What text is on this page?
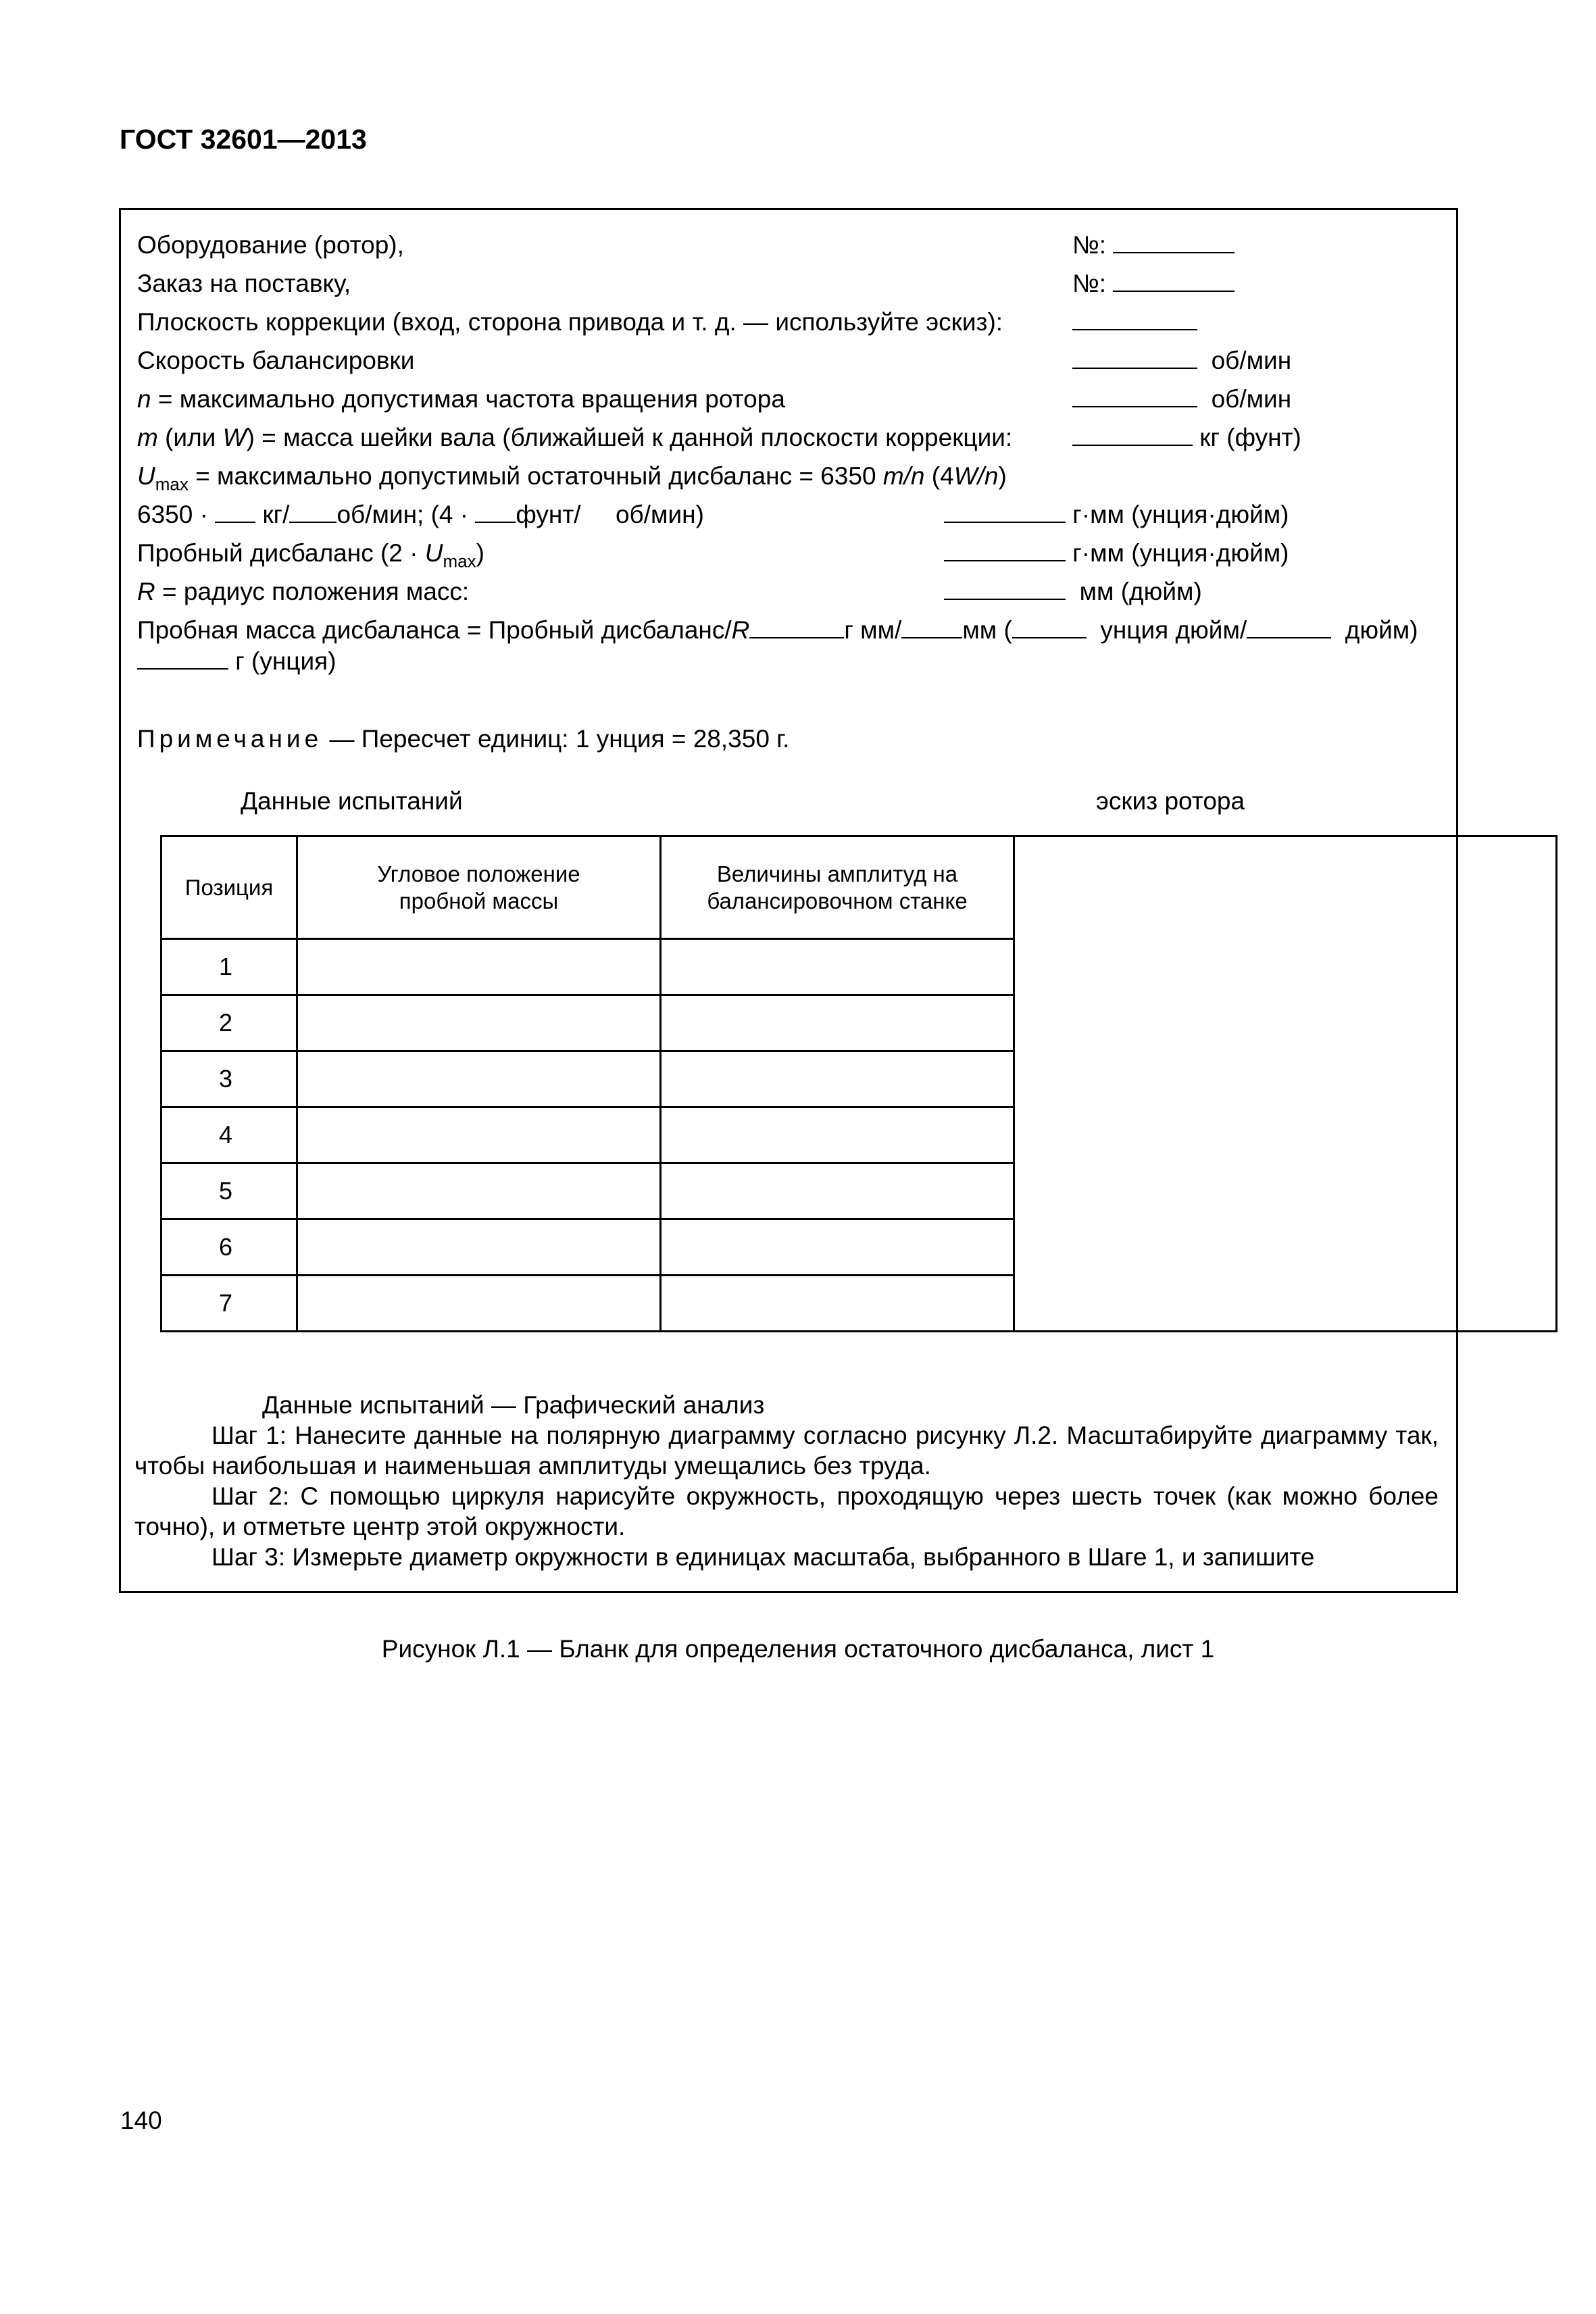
ГОСТ 32601—2013
Оборудование (ротор),	№:
Заказ на поставку,	№:
Плоскость коррекции (вход, сторона привода и т. д. — используйте эскиз):
Скорость балансировки	об/мин
n = максимально допустимая частота вращения ротора	об/мин
m (или W) = масса шейки вала (ближайшей к данной плоскости коррекции:	кг (фунт)
$U_{max}$ = максимально допустимый остаточный дисбаланс = 6350 m/n (4W/n)
6350 · кг/ об/мин; (4 · фунт/ об/мин)	г·мм (унция·дюйм)
Пробный дисбаланс $(2 \cdot U_{max})$	г·мм (унция·дюйм)
R = радиус положения масс:	мм (дюйм)
Пробная масса дисбаланса = Пробный дисбаланс/R	г мм/ мм (	унция дюйм/	дюйм)
г (унция)
Примечание — Пересчет единиц: 1 унция = 28,350 г.
Данные испытаний	эскиз ротора
Позиция	Угловое положение пробной массы	Величины амплитуд на балансировочном станке	
1			
2			
3			
4			
5			
6			
7			
Данные испытаний — Графический анализ
Шаг 1: Нанесите данные на полярную диаграмму согласно рисунку Л.2. Масштабируйте диаграмму так, чтобы наибольшая и наименьшая амплитуды умещались без труда.
Шаг 2: С помощью циркуля нарисуйте окружность, проходящую через шесть точек (как можно более точно), и отметьте центр этой окружности.
Шаг 3: Измерьте диаметр окружности в единицах масштаба, выбранного в Шаге 1, и запишите
Рисунок Л.1 — Бланк для определения остаточного дисбаланса, лист 1
140
